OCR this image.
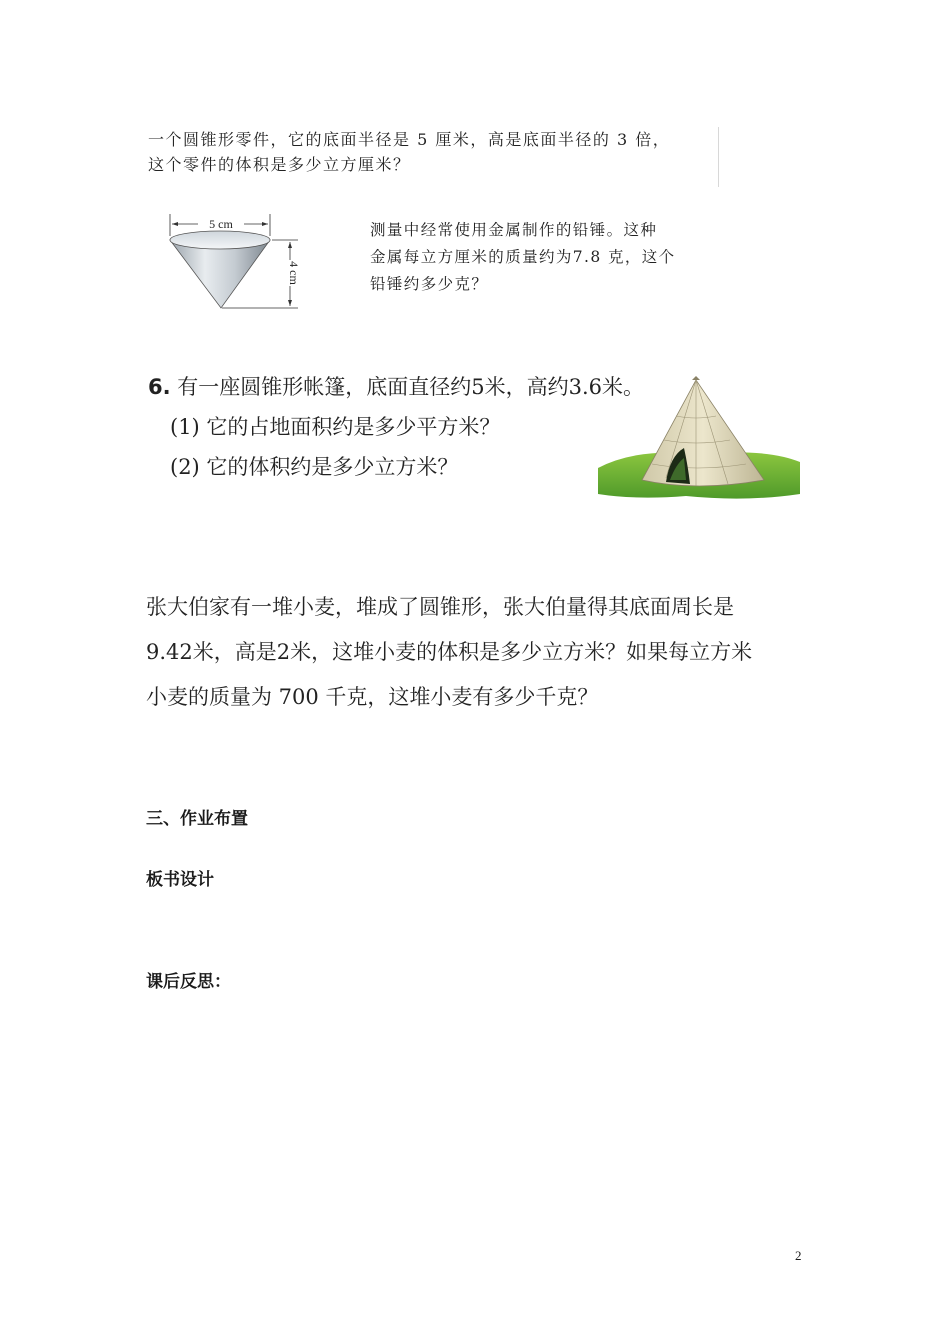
一个圆锥形零件，它的底面半径是 5 厘米，高是底面半径的 3 倍，
这个零件的体积是多少立方厘米？
5 cm
4 cm
测量中经常使用金属制作的铅锤。这种
金属每立方厘米的质量约为7.8 克，这个
铅锤约多少克？
6. 有一座圆锥形帐篷，底面直径约5米，高约3.6米。
(1) 它的占地面积约是多少平方米？
(2) 它的体积约是多少立方米？
张大伯家有一堆小麦，堆成了圆锥形，张大伯量得其底面周长是
9.42米，高是2米，这堆小麦的体积是多少立方米？如果每立方米
小麦的质量为 700 千克，这堆小麦有多少千克？
三、作业布置
板书设计
课后反思：
2
